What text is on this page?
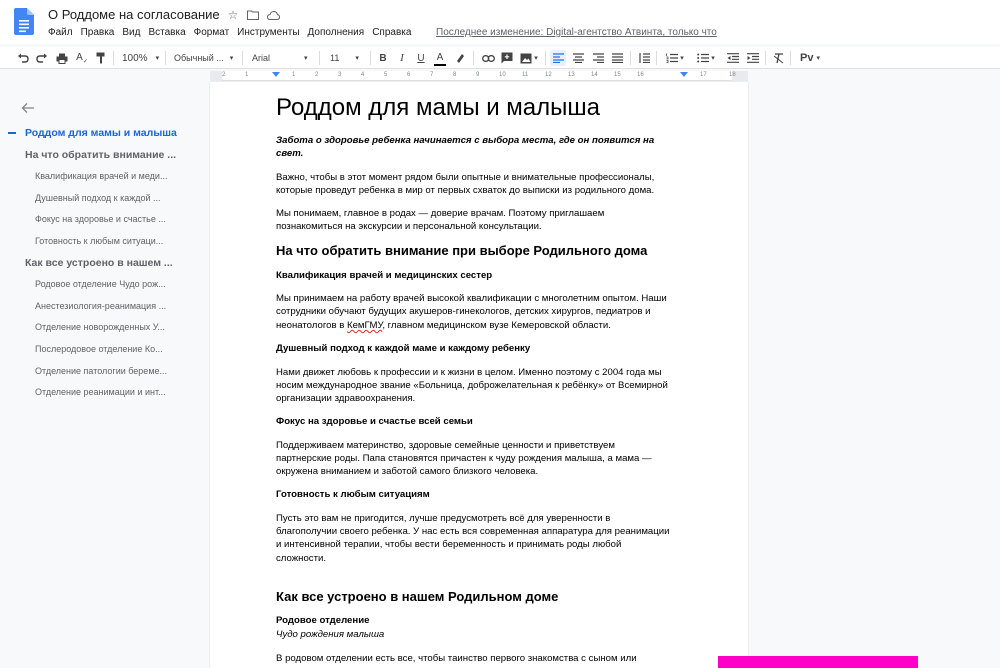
О Роддоме на согласование ☆
Файл Правка Вид Вставка Формат Инструменты Дополнения Справка Последнее изменение: Digital-агентство Атвинта, только что
$A_✓$	100% ▾ Обычный ... ▾ Arial	▾ 11 ▾ B	I	U A	▾	▾	▾	Pv ▾
2	1	1	2	3	4	5	6	7	8	9	10	11	12	13	14	15	16	17	18
Роддом для мамы и малыша
На что обратить внимание ...
Квалификация врачей и меди...
Душевный подход к каждой ...
Фокус на здоровье и счастье ...
Готовность к любым ситуаци...
Как все устроено в нашем ...
Родовое отделение Чудо рож...
Анестезиология-реанимация ...
Отделение новорожденных У...
Послеродовое отделение Ко...
Отделение патологии береме...
Отделение реанимации и инт...
Роддом для мамы и малыша
Забота о здоровье ребенка начинается с выбора места, где он появится на
свет.
Важно, чтобы в этот момент рядом были опытные и внимательные профессионалы,
которые проведут ребенка в мир от первых схваток до выписки из родильного дома.
Мы понимаем, главное в родах — доверие врачам. Поэтому приглашаем
познакомиться на экскурсии и персональной консультации.
На что обратить внимание при выборе Родильного дома
Квалификация врачей и медицинских сестер
Мы принимаем на работу врачей высокой квалификации с многолетним опытом. Наши
сотрудники обучают будущих акушеров-гинекологов, детских хирургов, педиатров и
неонатологов в КемГМУ, главном медицинском вузе Кемеровской области.
Душевный подход к каждой маме и каждому ребенку
Нами движет любовь к профессии и к жизни в целом. Именно поэтому с 2004 года мы
носим международное звание «Больница, доброжелательная к ребёнку» от Всемирной
организации здравоохранения.
Фокус на здоровье и счастье всей семьи
Поддерживаем материнство, здоровые семейные ценности и приветствуем
партнерские роды. Папа становятся причастен к чуду рождения малыша, а мама —
окружена вниманием и заботой самого близкого человека.
Готовность к любым ситуациям
Пусть это вам не пригодится, лучше предусмотреть всё для уверенности в
благополучии своего ребенка. У нас есть вся современная аппаратура для реанимации
и интенсивной терапии, чтобы вести беременность и принимать роды любой
сложности.
Как все устроено в нашем Родильном доме
Родовое отделение
Чудо рождения малыша
В родовом отделении есть все, чтобы таинство первого знакомства с сыном или
